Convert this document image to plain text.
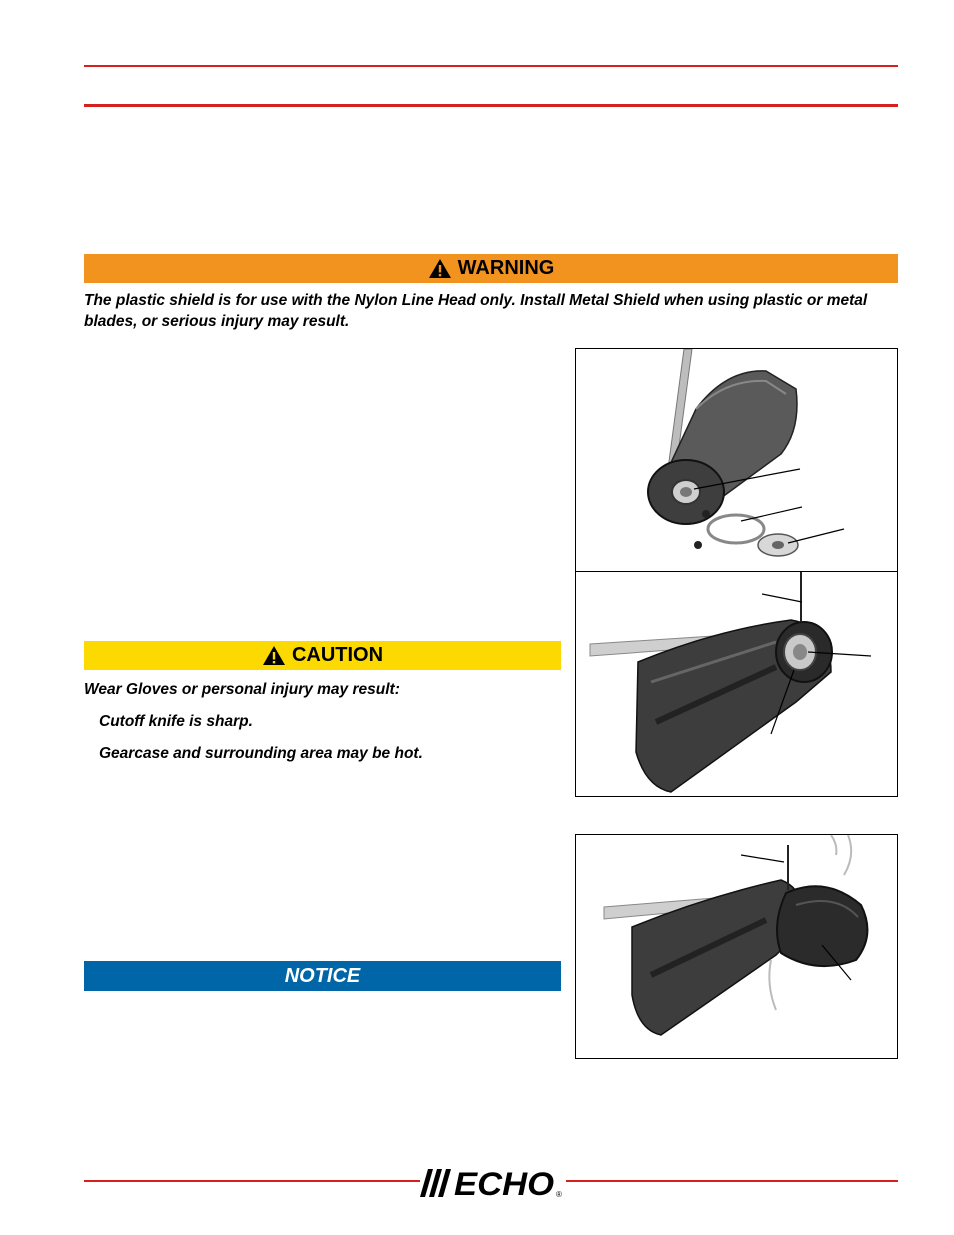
WARNING
The plastic shield is for use with the Nylon Line Head only. Install Metal Shield when using plastic or metal blades, or serious injury may result.
CAUTION
Wear Gloves or personal injury may result:
Cutoff knife is sharp.
Gearcase and surrounding area may be hot.
NOTICE
ECHO ®
